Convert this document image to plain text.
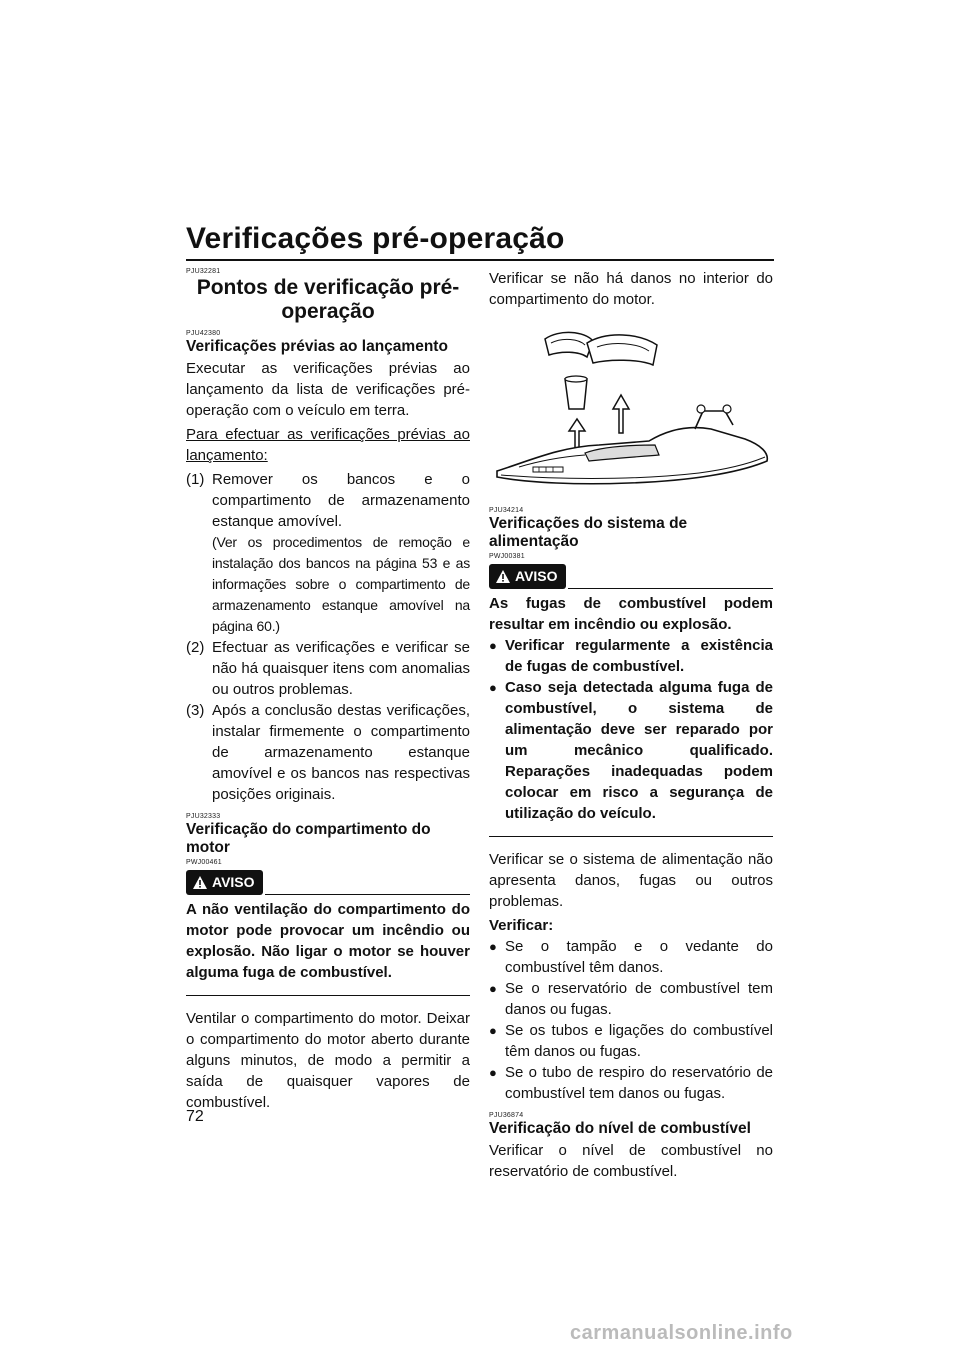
Verificações pré-operação
PJU32281
Pontos de verificação pré-operação
PJU42380
Verificações prévias ao lançamento
Executar as verificações prévias ao lançamento da lista de verificações pré-operação com o veículo em terra.
Para efectuar as verificações prévias ao lançamento:
(1) Remover os bancos e o compartimento de armazenamento estanque amovível.
(Ver os procedimentos de remoção e instalação dos bancos na página 53 e as informações sobre o compartimento de armazenamento estanque amovível na página 60.)
(2) Efectuar as verificações e verificar se não há quaisquer itens com anomalias ou outros problemas.
(3) Após a conclusão destas verificações, instalar firmemente o compartimento de armazenamento estanque amovível e os bancos nas respectivas posições originais.
PJU32333
Verificação do compartimento do motor
PWJ00461
AVISO
A não ventilação do compartimento do motor pode provocar um incêndio ou explosão. Não ligar o motor se houver alguma fuga de combustível.
Ventilar o compartimento do motor. Deixar o compartimento do motor aberto durante alguns minutos, de modo a permitir a saída de quaisquer vapores de combustível.
Verificar se não há danos no interior do compartimento do motor.
PJU34214
Verificações do sistema de alimentação
PWJ00381
AVISO
As fugas de combustível podem resultar em incêndio ou explosão.
● Verificar regularmente a existência de fugas de combustível.
● Caso seja detectada alguma fuga de combustível, o sistema de alimentação deve ser reparado por um mecânico qualificado. Reparações inadequadas podem colocar em risco a segurança de utilização do veículo.
Verificar se o sistema de alimentação não apresenta danos, fugas ou outros problemas.
Verificar:
● Se o tampão e o vedante do combustível têm danos.
● Se o reservatório de combustível tem danos ou fugas.
● Se os tubos e ligações do combustível têm danos ou fugas.
● Se o tubo de respiro do reservatório de combustível tem danos ou fugas.
PJU36874
Verificação do nível de combustível
Verificar o nível de combustível no reservatório de combustível.
72
carmanualsonline.info
